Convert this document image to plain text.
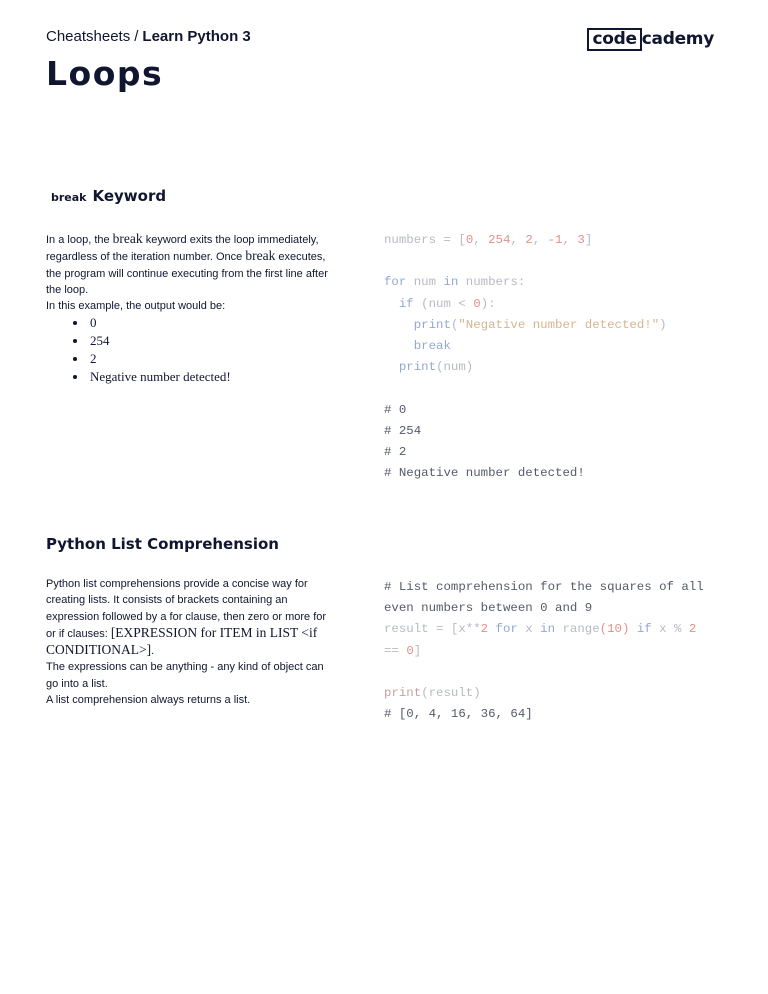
Cheatsheets / Learn Python 3	code cademy
Loops
break Keyword

In a loop, the break keyword exits the loop immediately, regardless of the iteration number. Once break executes, the program will continue executing from the first line after the loop.

In this example, the output would be:

• 0
• 254
• 2
• Negative number detected!
numbers = [0, 254, 2, -1, 3]

for num in numbers:
if (num < 0):
print("Negative number detected!")
break
print(num)

# 0
# 254
# 2
# Negative number detected!
Python List Comprehension

Python list comprehensions provide a concise way for creating lists. It consists of brackets containing an expression followed by a for clause, then zero or more for or if clauses: [EXPRESSION for ITEM in LIST <if CONDITIONAL>].

The expressions can be anything - any kind of object can go into a list.

A list comprehension always returns a list.

# List comprehension for the squares of all
even numbers between 0 and 9
result = [x**2 for x in range(10) if x % 2
== 0]

print(result)
# [0, 4, 16, 36, 64]
